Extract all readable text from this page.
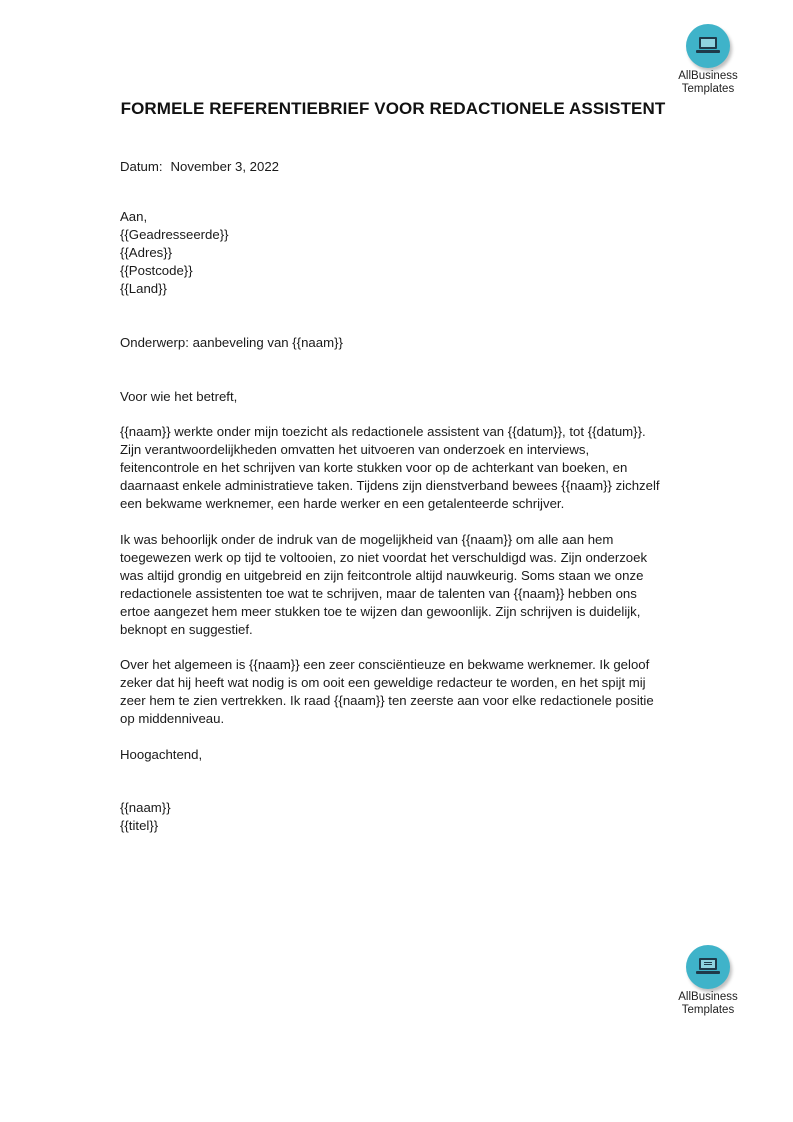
AllBusiness
Templates
FORMELE REFERENTIEBRIEF VOOR REDACTIONELE ASSISTENT
Datum: November 3, 2022
Aan,
{{Geadresseerde}}
{{Adres}}
{{Postcode}}
{{Land}}
Onderwerp: aanbeveling van {{naam}}
Voor wie het betreft,
{{naam}} werkte onder mijn toezicht als redactionele assistent van {{datum}}, tot {{datum}}.
Zijn verantwoordelijkheden omvatten het uitvoeren van onderzoek en interviews,
feitencontrole en het schrijven van korte stukken voor op de achterkant van boeken, en
daarnaast enkele administratieve taken. Tijdens zijn dienstverband bewees {{naam}} zichzelf
een bekwame werknemer, een harde werker en een getalenteerde schrijver.
Ik was behoorlijk onder de indruk van de mogelijkheid van {{naam}} om alle aan hem
toegewezen werk op tijd te voltooien, zo niet voordat het verschuldigd was. Zijn onderzoek
was altijd grondig en uitgebreid en zijn feitcontrole altijd nauwkeurig. Soms staan we onze
redactionele assistenten toe wat te schrijven, maar de talenten van {{naam}} hebben ons
ertoe aangezet hem meer stukken toe te wijzen dan gewoonlijk. Zijn schrijven is duidelijk,
beknopt en suggestief.
Over het algemeen is {{naam}} een zeer consciëntieuze en bekwame werknemer. Ik geloof
zeker dat hij heeft wat nodig is om ooit een geweldige redacteur te worden, en het spijt mij
zeer hem te zien vertrekken. Ik raad {{naam}} ten zeerste aan voor elke redactionele positie
op middenniveau.
Hoogachtend,
{{naam}}
{{titel}}
AllBusiness
Templates
